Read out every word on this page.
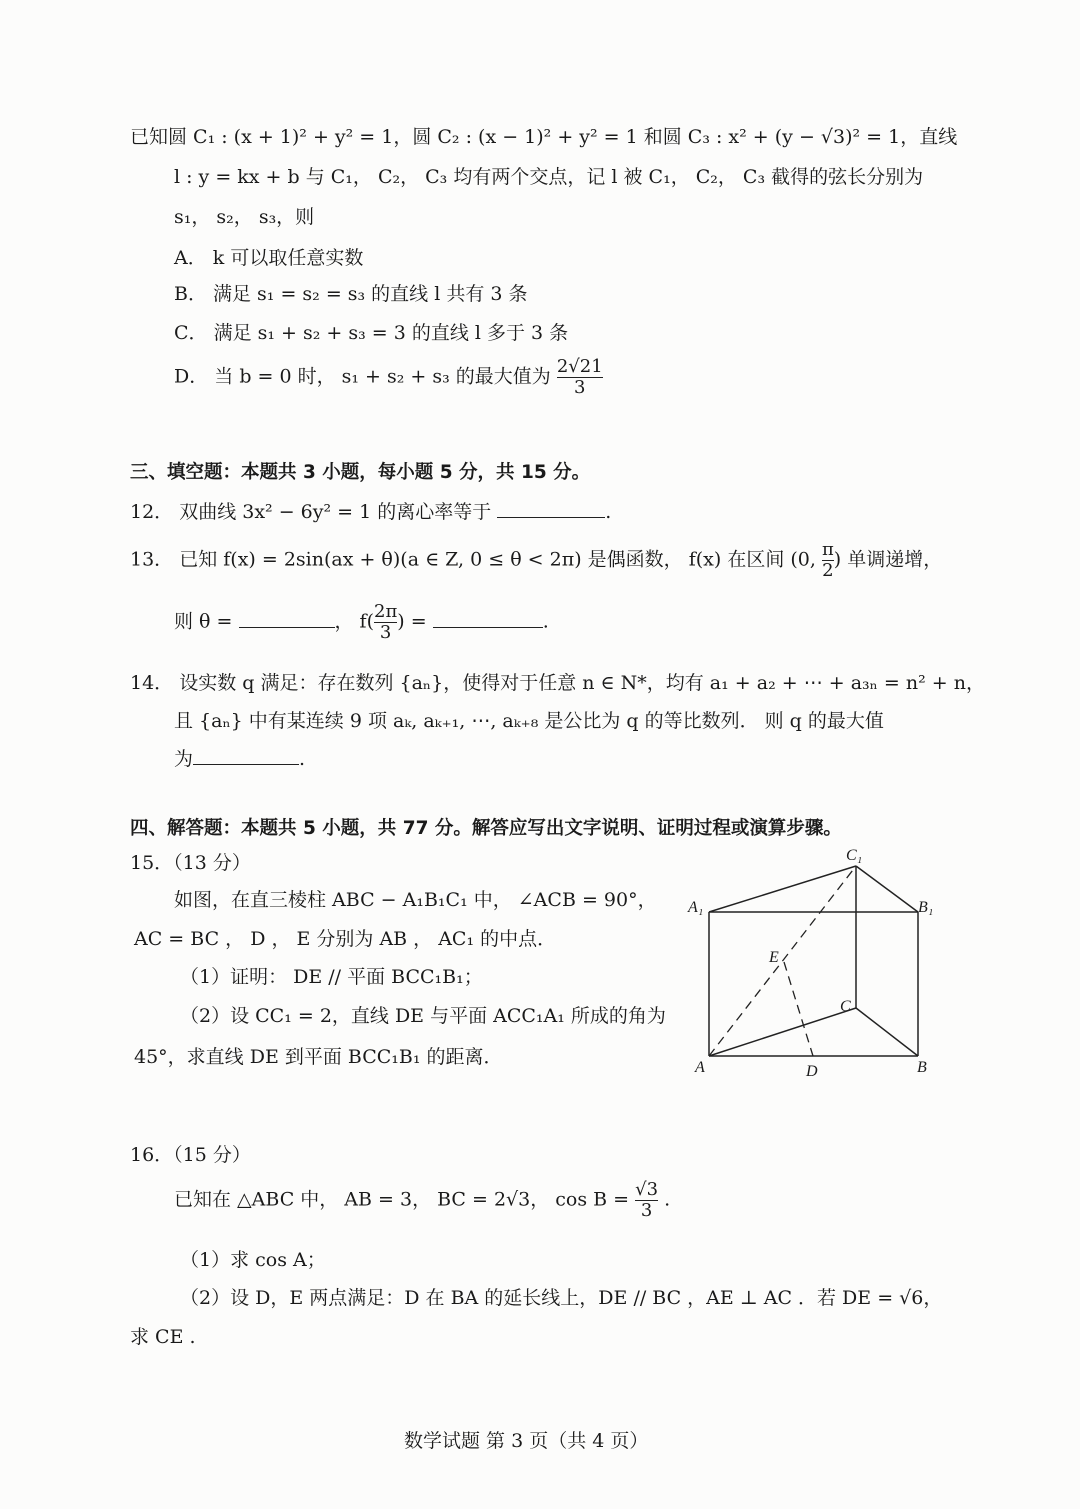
已知圆 C₁ : (x + 1)² + y² = 1，圆 C₂ : (x − 1)² + y² = 1 和圆 C₃ : x² + (y − √3)² = 1，直线
l : y = kx + b 与 C₁， C₂， C₃ 均有两个交点，记 l 被 C₁， C₂， C₃ 截得的弦长分别为
s₁， s₂， s₃，则
A． k 可以取任意实数
B． 满足 s₁ = s₂ = s₃ 的直线 l 共有 3 条
C． 满足 s₁ + s₂ + s₃ = 3 的直线 l 多于 3 条
D． 当 b = 0 时， s₁ + s₂ + s₃ 的最大值为 $\frac{2√21}{3}$
三、填空题：本题共 3 小题，每小题 5 分，共 15 分。
12． 双曲线 3x² − 6y² = 1 的离心率等于	.
13． 已知 f(x) = 2sin(ax + θ)(a ∈ Z, 0 ≤ θ < 2π) 是偶函数， f(x) 在区间 (0, $\frac{\pi}{2}$ ) 单调递增，
则 θ =	， $f( \frac{2\pi}{3}$ ) =	.
14． 设实数 q 满足：存在数列 {aₙ}，使得对于任意 n ∈ N*，均有 a₁ + a₂ + ⋯ + a₃ₙ = n² + n，
且 {aₙ} 中有某连续 9 项 aₖ, aₖ₊₁, ⋯, aₖ₊₈ 是公比为 q 的等比数列． 则 q 的最大值
为	.
四、解答题：本题共 5 小题，共 77 分。解答应写出文字说明、证明过程或演算步骤。
15．（13 分）
如图，在直三棱柱 ABC − A₁B₁C₁ 中， ∠ACB = 90°，
AC = BC ， D ， E 分别为 AB ， AC₁ 的中点．
（1）证明： DE // 平面 BCC₁B₁；
（2）设 CC₁ = 2，直线 DE 与平面 ACC₁A₁ 所成的角为
45°，求直线 DE 到平面 BCC₁B₁ 的距离．
C₁
A₁	B₁
E
C
A	D	B
16．（15 分）
已知在 △ABC 中， AB = 3， BC = 2√3， $\cos B = \frac{√3}{3}$ .
（1）求 cos A；
（2）设 D，E 两点满足：D 在 BA 的延长线上，DE // BC ，AE ⊥ AC ．若 DE = √6，
求 CE .
数学试题 第 3 页（共 4 页）
